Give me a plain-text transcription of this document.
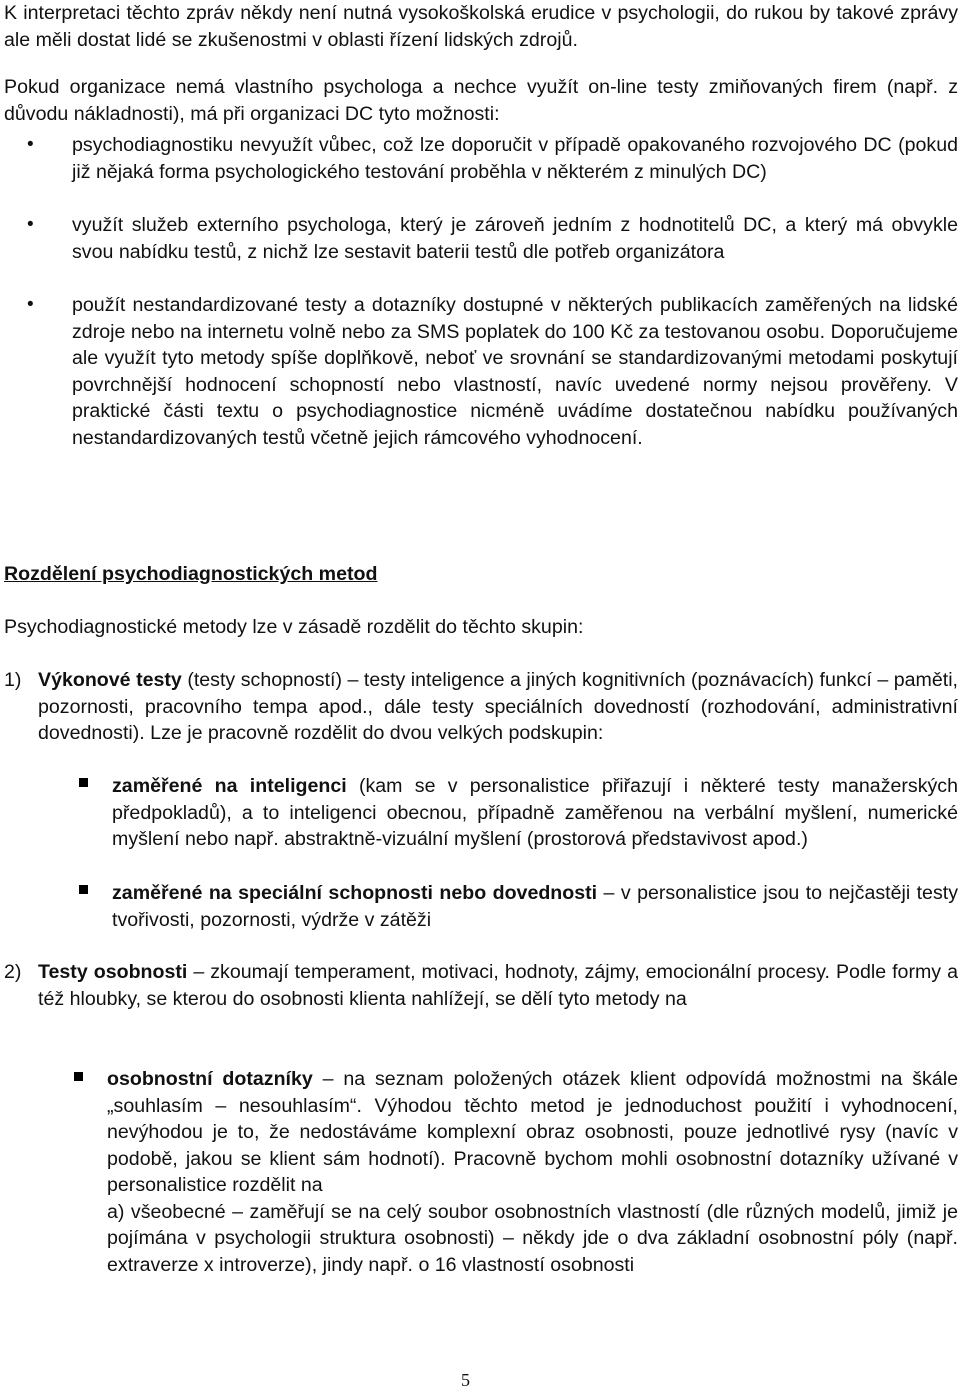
K interpretaci těchto zpráv někdy není nutná vysokoškolská erudice v psychologii, do rukou by takové zprávy ale měli dostat lidé se zkušenostmi v oblasti řízení lidských zdrojů.

Pokud organizace nemá vlastního psychologa a nechce využít on-line testy zmiňovaných firem (např. z důvodu nákladnosti), má při organizaci DC tyto možnosti:

• psychodiagnostiku nevyužít vůbec, což lze doporučit v případě opakovaného rozvojového DC (pokud již nějaká forma psychologického testování proběhla v některém z minulých DC)

• využít služeb externího psychologa, který je zároveň jedním z hodnotitelů DC, a který má obvykle svou nabídku testů, z nichž lze sestavit baterii testů dle potřeb organizátora

• použít nestandardizované testy a dotazníky dostupné v některých publikacích zaměřených na lidské zdroje nebo na internetu volně nebo za SMS poplatek do 100 Kč za testovanou osobu. Doporučujeme ale využít tyto metody spíše doplňkově, neboť ve srovnání se standardizovanými metodami poskytují povrchnější hodnocení schopností nebo vlastností, navíc uvedené normy nejsou prověřeny. V praktické části textu o psychodiagnostice nicméně uvádíme dostatečnou nabídku používaných nestandardizovaných testů včetně jejich rámcového vyhodnocení.

Rozdělení psychodiagnostických metod

Psychodiagnostické metody lze v zásadě rozdělit do těchto skupin:

1) Výkonové testy (testy schopností) – testy inteligence a jiných kognitivních (poznávacích) funkcí – paměti, pozornosti, pracovního tempa apod., dále testy speciálních dovedností (rozhodování, administrativní dovednosti). Lze je pracovně rozdělit do dvou velkých podskupin:

zaměřené na inteligenci (kam se v personalistice přiřazují i některé testy manažerských předpokladů), a to inteligenci obecnou, případně zaměřenou na verbální myšlení, numerické myšlení nebo např. abstraktně-vizuální myšlení (prostorová představivost apod.)

zaměřené na speciální schopnosti nebo dovednosti – v personalistice jsou to nejčastěji testy tvořivosti, pozornosti, výdrže v zátěži

2) Testy osobnosti – zkoumají temperament, motivaci, hodnoty, zájmy, emocionální procesy. Podle formy a též hloubky, se kterou do osobnosti klienta nahlížejí, se dělí tyto metody na

osobnostní dotazníky – na seznam položených otázek klient odpovídá možnostmi na škále „souhlasím – nesouhlasím“. Výhodou těchto metod je jednoduchost použití i vyhodnocení, nevýhodou je to, že nedostáváme komplexní obraz osobnosti, pouze jednotlivé rysy (navíc v podobě, jakou se klient sám hodnotí). Pracovně bychom mohli osobnostní dotazníky užívané v personalistice rozdělit na

a) všeobecné – zaměřují se na celý soubor osobnostních vlastností (dle různých modelů, jimiž je pojímána v psychologii struktura osobnosti) – někdy jde o dva základní osobnostní póly (např. extraverze x introverze), jindy např. o 16 vlastností osobnosti

5
